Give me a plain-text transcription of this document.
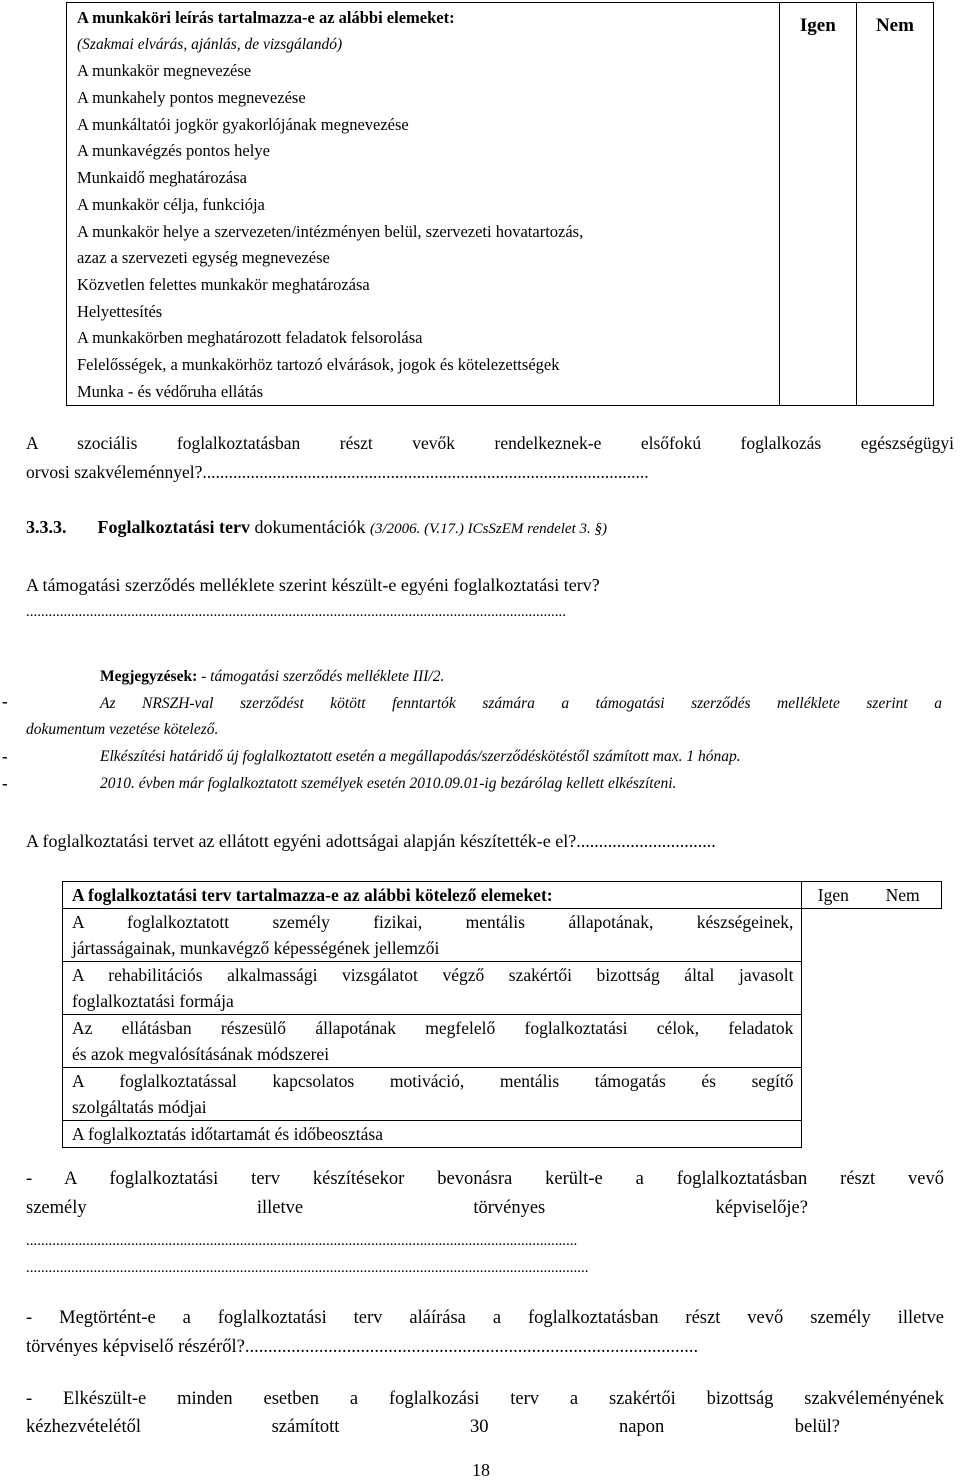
A munkaköri leírás tartalmazza-e az alábbi elemeket:
(Szakmai elvárás, ajánlás, de vizsgálandó)
A munkakör megnevezése
A munkahely pontos megnevezése
A munkáltatói jogkör gyakorlójának megnevezése
A munkavégzés pontos helye
Munkaidő meghatározása
A munkakör célja, funkciója
A munkakör helye a szervezeten/intézményen belül, szervezeti hovatartozás,
azaz a szervezeti egység megnevezése
Közvetlen felettes munkakör meghatározása
Helyettesítés
A munkakörben meghatározott feladatok felsorolása
Felelősségek, a munkakörhöz tartozó elvárások, jogok és kötelezettségek
Munka - és védőruha ellátás

Igen	Nem
A szociális foglalkoztatásban részt vevők rendelkeznek-e elsőfokú foglalkozás egészségügyi
orvosi szakvéleménnyel?......................................................................................................
3.3.3. Foglalkoztatási terv dokumentációk (3/2006. (V.17.) ICsSzEM rendelet 3. §)
A támogatási szerződés melléklete szerint készült-e egyéni foglalkoztatási terv?
................................................................................................................................................
Megjegyzések: - támogatási szerződés melléklete III/2.
-	Az NRSZH-val szerződést kötött fenntartók számára a támogatási szerződés melléklete szerint a
dokumentum vezetése kötelező.
-	Elkészítési határidő új foglalkoztatott esetén a megállapodás/szerződéskötéstől számított max. 1 hónap.
-	2010. évben már foglalkoztatott személyek esetén 2010.09.01-ig bezárólag kellett elkészíteni.
A foglalkoztatási tervet az ellátott egyéni adottságai alapján készítették-e el?...............................
A foglalkoztatási terv tartalmazza-e az alábbi kötelező elemeket:	Igen	Nem

A foglalkoztatott személy fizikai, mentális állapotának, készségeinek,
jártasságainak, munkavégző képességének jellemzői		

A rehabilitációs alkalmassági vizsgálatot végző szakértői bizottság által javasolt
foglalkoztatási formája		

Az ellátásban részesülő állapotának megfelelő foglalkoztatási célok, feladatok
és azok megvalósításának módszerei		

A foglalkoztatással kapcsolatos motiváció, mentális támogatás és segítő
szolgáltatás módjai		

A foglalkoztatás időtartamát és időbeosztása		

- A foglalkoztatási terv készítésekor bevonásra került-e a foglalkoztatásban részt vevő
személy	illetve	törvényes	képviselője?
...................................................................................................................................................
......................................................................................................................................................
- Megtörtént-e a foglalkoztatási terv aláírása a foglalkoztatásban részt vevő személy illetve
törvényes képviselő részéről?..................................................................................................
- Elkészült-e minden esetben a foglalkozási terv a szakértői bizottság szakvéleményének
kézhezvételétől	számított	30	napon	belül?
18
